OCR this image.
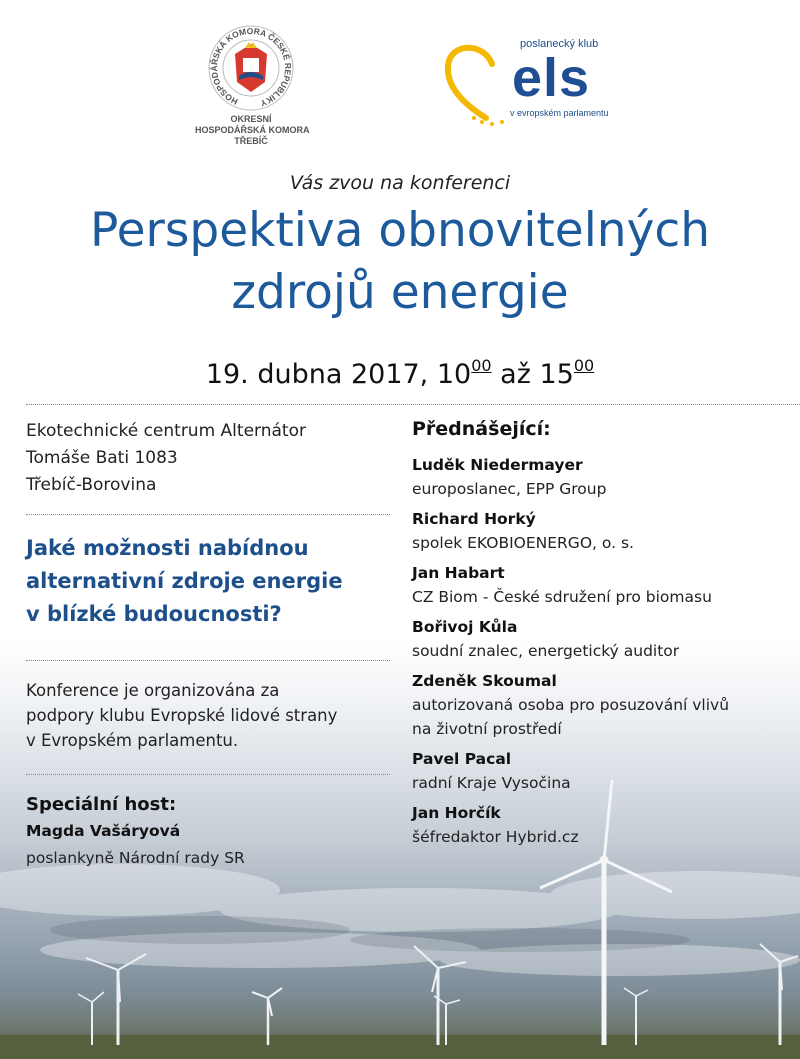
HOSPODÁŘSKÁ KOMORA ČESKÉ REPUBLIKY
OKRESNÍ
HOSPODÁŘSKÁ KOMORA
TŘEBÍČ
poslanecký klub
els
v evropském parlamentu
Vás zvou na konferenci
Perspektiva obnovitelných
zdrojů energie
19. dubna 2017, $10^{00}$ až $15^{00}$
Ekotechnické centrum Alternátor
Tomáše Bati 1083
Třebíč-Borovina
Jaké možnosti nabídnou
alternativní zdroje energie
v blízké budoucnosti?
Konference je organizována za
podpory klubu Evropské lidové strany
v Evropském parlamentu.
Speciální host:
Magda Vašáryová
poslankyně Národní rady SR
Přednášející:
Luděk Niedermayer
europoslanec, EPP Group
Richard Horký
spolek EKOBIOENERGO, o. s.
Jan Habart
CZ Biom - České sdružení pro biomasu
Bořivoj Kůla
soudní znalec, energetický auditor
Zdeněk Skoumal
autorizovaná osoba pro posuzování vlivů
na životní prostředí
Pavel Pacal
radní Kraje Vysočina
Jan Horčík
šéfredaktor Hybrid.cz
